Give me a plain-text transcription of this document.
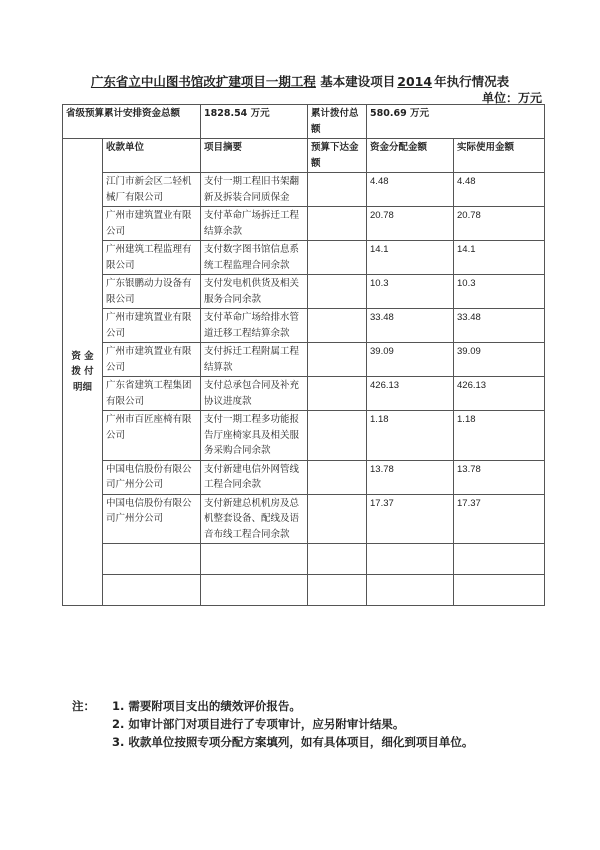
广东省立中山图书馆改扩建项目一期工程 基本建设项目 2014 年执行情况表
单位：万元
省级预算累计安排资金总额		1828.54 万元	累计拨付总额	580.69 万元	
资 金 拨 付 明细	收款单位	项目摘要	预算下达金额	资金分配金额	实际使用金额
	江门市新会区二轻机械厂有限公司	支付一期工程旧书架翻新及拆装合同质保金		4.48	4.48
	广州市建筑置业有限公司	支付革命广场拆迁工程结算余款		20.78	20.78
	广州建筑工程监理有限公司	支付数字图书馆信息系统工程监理合同余款		14.1	14.1
	广东银鹏动力设备有限公司	支付发电机供货及相关服务合同余款		10.3	10.3
	广州市建筑置业有限公司	支付革命广场给排水管道迁移工程结算余款		33.48	33.48
	广州市建筑置业有限公司	支付拆迁工程附属工程结算款		39.09	39.09
	广东省建筑工程集团有限公司	支付总承包合同及补充协议进度款		426.13	426.13
	广州市百匠座椅有限公司	支付一期工程多功能报告厅座椅家具及相关服务采购合同余款		1.18	1.18
	中国电信股份有限公司广州分公司	支付新建电信外网管线工程合同余款		13.78	13.78
	中国电信股份有限公司广州分公司	支付新建总机机房及总机整套设备、配线及语音布线工程合同余款		17.37	17.37

注：	1. 需要附项目支出的绩效评价报告。
2. 如审计部门对项目进行了专项审计，应另附审计结果。
3. 收款单位按照专项分配方案填列，如有具体项目，细化到项目单位。
